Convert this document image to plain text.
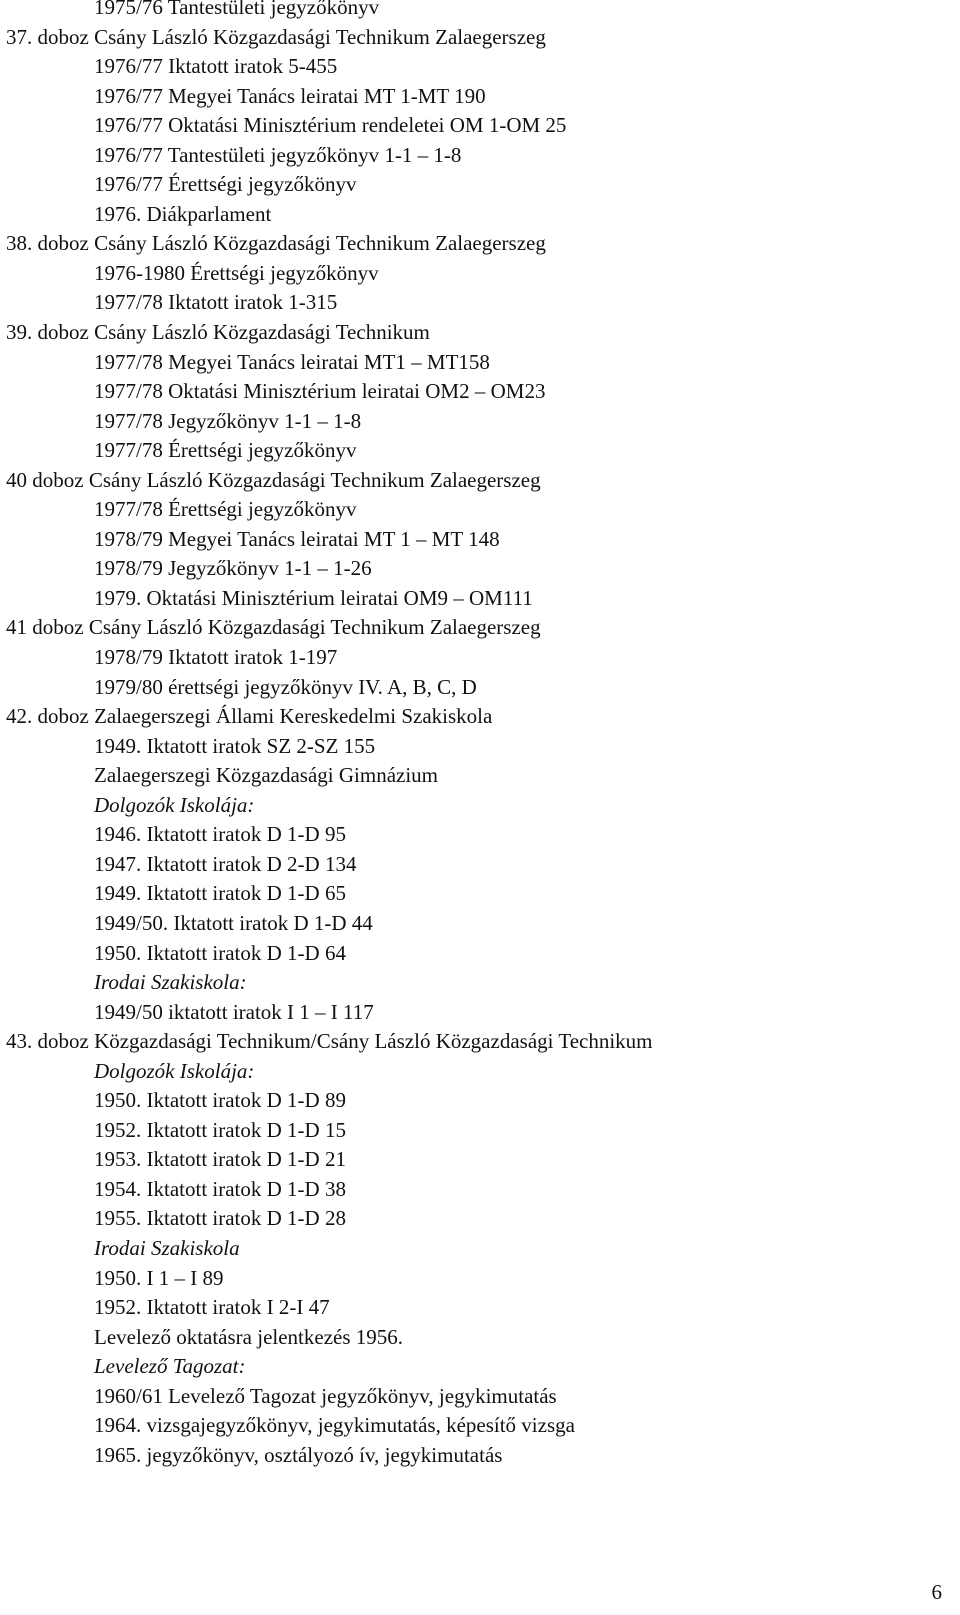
1975/76 Tantestületi jegyzőkönyv
37. doboz Csány László Közgazdasági Technikum Zalaegerszeg
1976/77 Iktatott iratok 5-455
1976/77 Megyei Tanács leiratai MT 1-MT 190
1976/77 Oktatási Minisztérium rendeletei OM 1-OM 25
1976/77 Tantestületi jegyzőkönyv 1-1 – 1-8
1976/77 Érettségi jegyzőkönyv
1976. Diákparlament
38. doboz Csány László Közgazdasági Technikum Zalaegerszeg
1976-1980 Érettségi jegyzőkönyv
1977/78 Iktatott iratok 1-315
39. doboz Csány László Közgazdasági Technikum
1977/78 Megyei Tanács leiratai MT1 – MT158
1977/78 Oktatási Minisztérium leiratai OM2 – OM23
1977/78 Jegyzőkönyv 1-1 – 1-8
1977/78 Érettségi jegyzőkönyv
40 doboz Csány László Közgazdasági Technikum Zalaegerszeg
1977/78 Érettségi jegyzőkönyv
1978/79 Megyei Tanács leiratai MT 1 – MT 148
1978/79 Jegyzőkönyv 1-1 – 1-26
1979. Oktatási Minisztérium leiratai OM9 – OM111
41 doboz Csány László Közgazdasági Technikum Zalaegerszeg
1978/79 Iktatott iratok 1-197
1979/80 érettségi jegyzőkönyv IV. A, B, C, D
42. doboz Zalaegerszegi Állami Kereskedelmi Szakiskola
1949. Iktatott iratok SZ 2-SZ 155
Zalaegerszegi Közgazdasági Gimnázium
Dolgozók Iskolája:
1946. Iktatott iratok D 1-D 95
1947. Iktatott iratok D 2-D 134
1949. Iktatott iratok D 1-D 65
1949/50. Iktatott iratok D 1-D 44
1950. Iktatott iratok D 1-D 64
Irodai Szakiskola:
1949/50 iktatott iratok I 1 – I 117
43. doboz Közgazdasági Technikum/Csány László Közgazdasági Technikum
Dolgozók Iskolája:
1950. Iktatott iratok D 1-D 89
1952. Iktatott iratok D 1-D 15
1953. Iktatott iratok D 1-D 21
1954. Iktatott iratok D 1-D 38
1955. Iktatott iratok D 1-D 28
Irodai Szakiskola
1950. I 1 – I 89
1952. Iktatott iratok I 2-I 47
Levelező oktatásra jelentkezés 1956.
Levelező Tagozat:
1960/61 Levelező Tagozat jegyzőkönyv, jegykimutatás
1964. vizsgajegyzőkönyv, jegykimutatás, képesítő vizsga
1965. jegyzőkönyv, osztályozó ív, jegykimutatás
6
